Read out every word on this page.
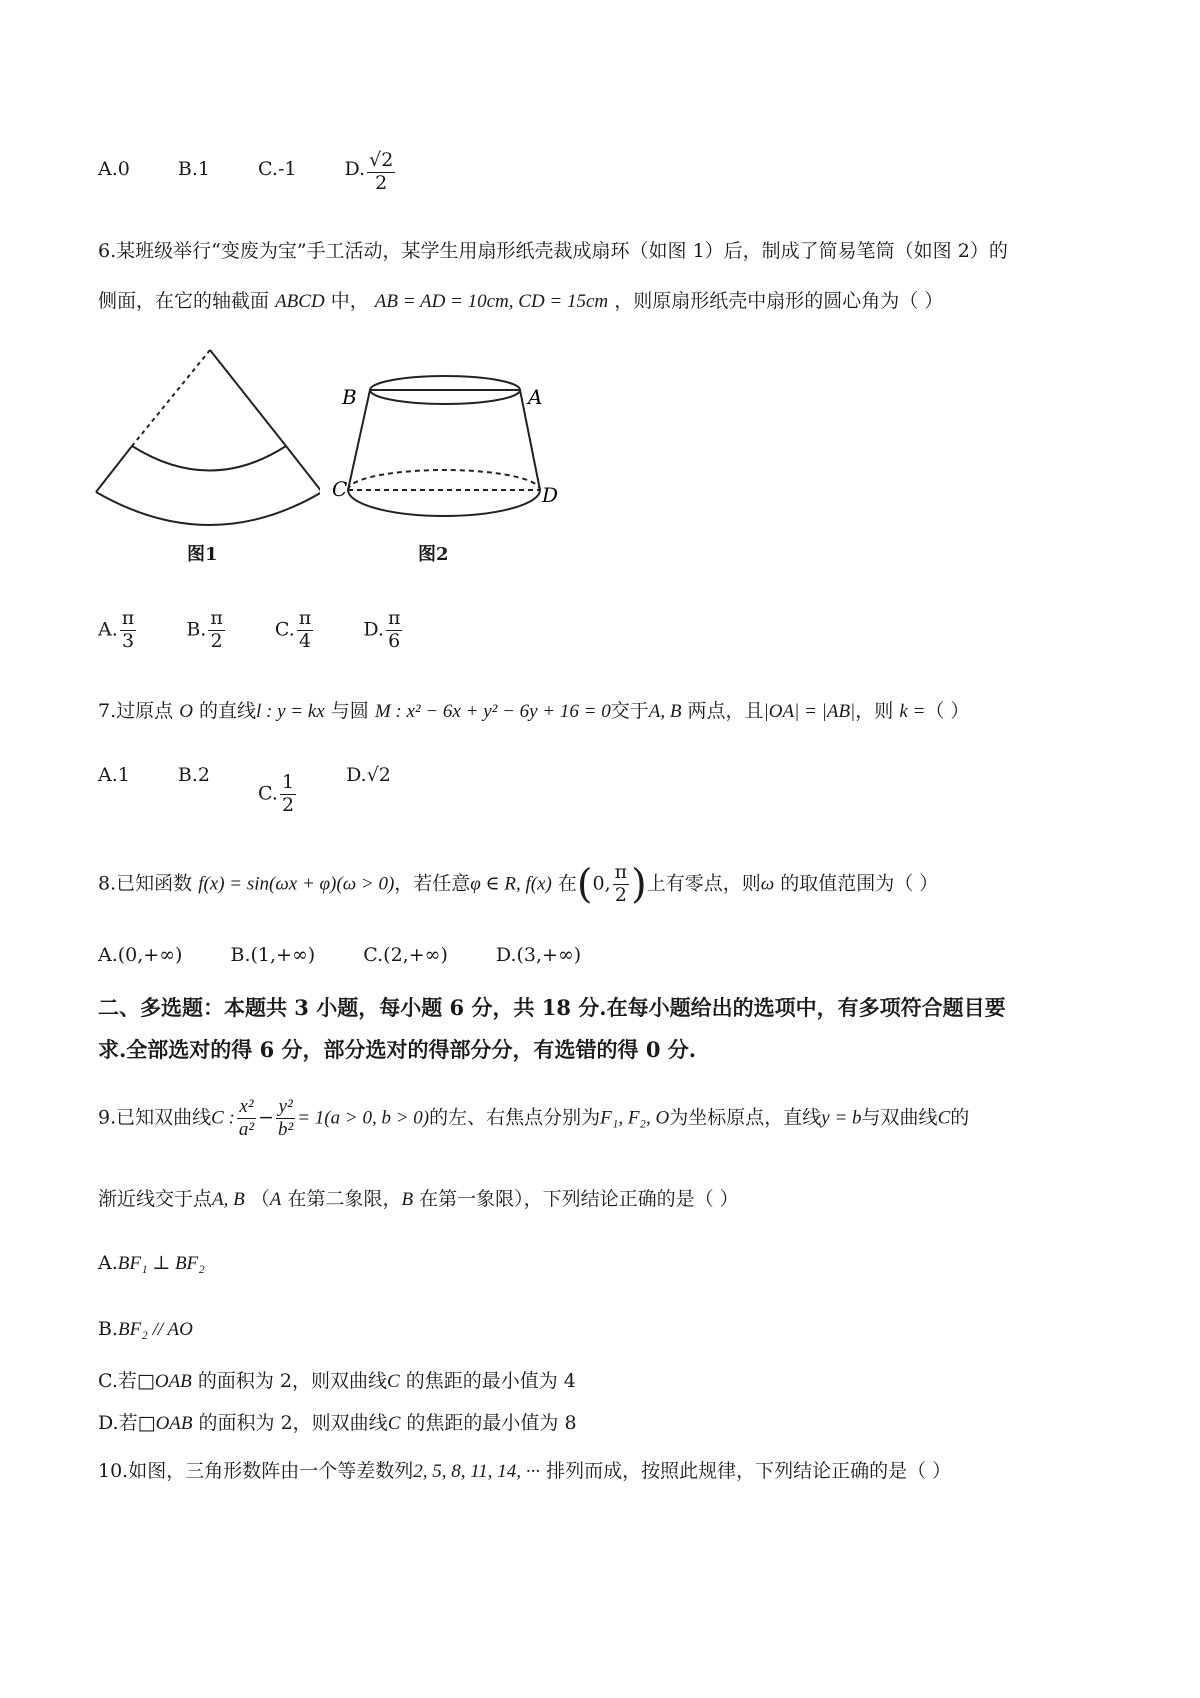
A.0	B.1	C.-1	D. $\frac{√2}{2}$
6.某班级举行“变废为宝”手工活动，某学生用扇形纸壳裁成扇环（如图 1）后，制成了简易笔筒（如图 2）的
侧面，在它的轴截面 ABCD 中， AB = AD = 10cm, CD = 15cm ，则原扇形纸壳中扇形的圆心角为（ ）
图1
B	A
C	D
图2
A. $\frac{\pi}{3}$	B. $\frac{\pi}{2}$	C. $\frac{\pi}{4}$	D. $\frac{\pi}{6}$
7.过原点 O 的直线l : y = kx 与圆 M : x² − 6x + y² − 6y + 16 = 0交于A, B 两点，且|OA| = |AB|，则 k =（ ）
A.1	B.2 C. $\frac{1}{2}$	D.√2
8.已知函数 f(x) = sin(ωx + φ)(ω > 0)，若任意φ ∈ R, f(x) 在(0, $\frac{\pi}{2}$ )上有零点，则ω 的取值范围为（ ）
A.(0,+∞)	B.(1,+∞)	C.(2,+∞)	D.(3,+∞)
二、多选题：本题共 3 小题，每小题 6 分，共 18 分.在每小题给出的选项中，有多项符合题目要
求.全部选对的得 6 分，部分选对的得部分分，有选错的得 0 分.
9.已知双曲线C : $\frac{\text{x²}}{\text{a²}} - \frac{\text{y²}}{\text{b²}} = 1(a > 0$, b > 0)的左、右焦点分别为F₁, F₂, O为坐标原点，直线y = b与双曲线C的
渐近线交于点A, B （A 在第二象限，B 在第一象限），下列结论正确的是（ ）
A.BF₁ ⊥ BF₂
B.BF₂ // AO
C.若□OAB 的面积为 2，则双曲线C 的焦距的最小值为 4
D.若□OAB 的面积为 2，则双曲线C 的焦距的最小值为 8
10.如图，三角形数阵由一个等差数列2, 5, 8, 11, 14, ··· 排列而成，按照此规律，下列结论正确的是（ ）
